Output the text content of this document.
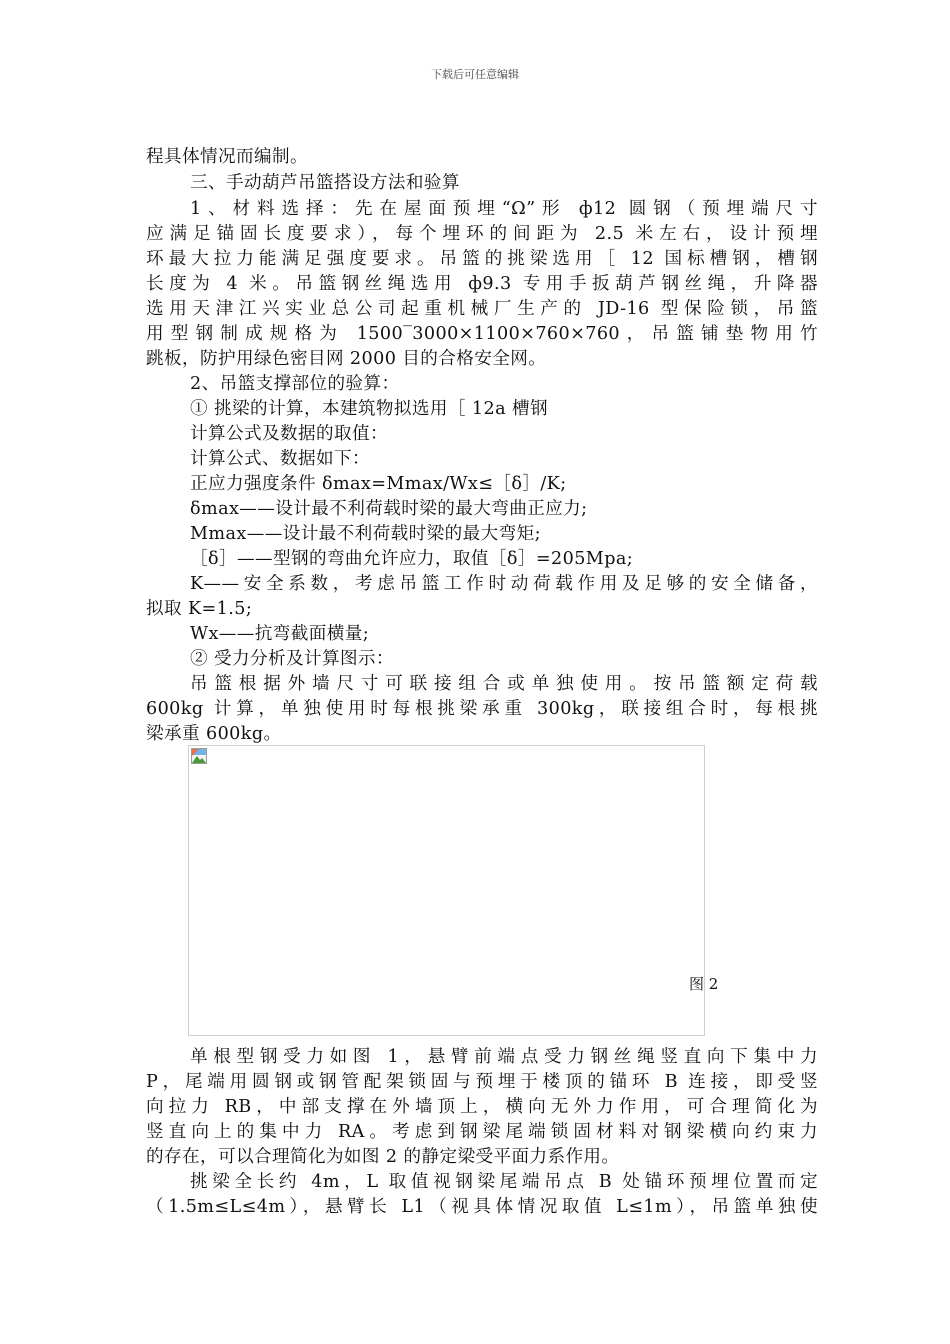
下载后可任意编辑
程具体情况而编制。
三、手动葫芦吊篮搭设方法和验算
1、材料选择：先在屋面预埋“Ω”形 ф12 圆钢（预埋端尺寸
应满足锚固长度要求），每个埋环的间距为 2.5 米左右，设计预埋
环最大拉力能满足强度要求。吊篮的挑梁选用［ 12 国标槽钢，槽钢
长度为 4 米。吊篮钢丝绳选用 ф9.3 专用手扳葫芦钢丝绳，升降器
选用天津江兴实业总公司起重机械厂生产的 JD-16 型保险锁，吊篮
用型钢制成规格为 1500‾3000×1100×760×760，吊篮铺垫物用竹
跳板，防护用绿色密目网 2000 目的合格安全网。
2、吊篮支撑部位的验算：
① 挑梁的计算，本建筑物拟选用［ 12a 槽钢
计算公式及数据的取值：
计算公式、数据如下：
正应力强度条件 δmax=Mmax/Wx≤［δ］/K;
δmax——设计最不利荷载时梁的最大弯曲正应力;
Mmax——设计最不利荷载时梁的最大弯矩;
［δ］——型钢的弯曲允许应力，取值［δ］=205Mpa;
K——安全系数，考虑吊篮工作时动荷载作用及足够的安全储备，
拟取 K=1.5;
Wx——抗弯截面横量;
② 受力分析及计算图示：
吊篮根据外墙尺寸可联接组合或单独使用。按吊篮额定荷载
600kg 计算，单独使用时每根挑梁承重 300kg，联接组合时，每根挑
梁承重 600kg。
图 2
单根型钢受力如图 1，悬臂前端点受力钢丝绳竖直向下集中力
P，尾端用圆钢或钢管配架锁固与预埋于楼顶的锚环 B 连接，即受竖
向拉力 RB，中部支撑在外墙顶上，横向无外力作用，可合理简化为
竖直向上的集中力 RA。考虑到钢梁尾端锁固材料对钢梁横向约束力
的存在，可以合理简化为如图 2 的静定梁受平面力系作用。
挑梁全长约 4m，L 取值视钢梁尾端吊点 B 处锚环预埋位置而定
（1.5m≤L≤4m），悬臂长 L1（视具体情况取值 L≤1m），吊篮单独使
